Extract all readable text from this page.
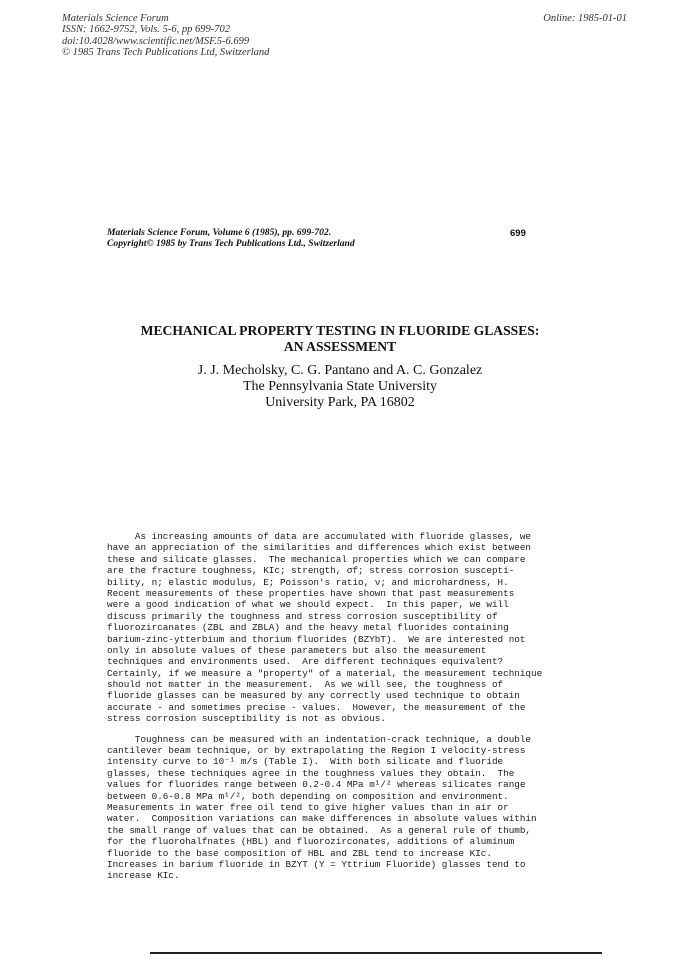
Materials Science Forum
ISSN: 1662-9752, Vols. 5-6, pp 699-702
doi:10.4028/www.scientific.net/MSF.5-6.699
© 1985 Trans Tech Publications Ltd, Switzerland
Online: 1985-01-01
Materials Science Forum, Volume 6 (1985), pp. 699-702.
Copyright© 1985 by Trans Tech Publications Ltd., Switzerland
699
MECHANICAL PROPERTY TESTING IN FLUORIDE GLASSES:
AN ASSESSMENT
J. J. Mecholsky, C. G. Pantano and A. C. Gonzalez
The Pennsylvania State University
University Park, PA 16802
As increasing amounts of data are accumulated with fluoride glasses, we
have an appreciation of the similarities and differences which exist between
these and silicate glasses.  The mechanical properties which we can compare
are the fracture toughness, KIc; strength, σf; stress corrosion suscepti-
bility, n; elastic modulus, E; Poisson's ratio, ν; and microhardness, H.
Recent measurements of these properties have shown that past measurements
were a good indication of what we should expect.  In this paper, we will
discuss primarily the toughness and stress corrosion susceptibility of
fluorozircanates (ZBL and ZBLA) and the heavy metal fluorides containing
barium-zinc-ytterbium and thorium fluorides (BZYbT).  We are interested not
only in absolute values of these parameters but also the measurement
techniques and environments used.  Are different techniques equivalent?
Certainly, if we measure a "property" of a material, the measurement technique
should not matter in the measurement.  As we will see, the toughness of
fluoride glasses can be measured by any correctly used technique to obtain
accurate - and sometimes precise - values.  However, the measurement of the
stress corrosion susceptibility is not as obvious.
Toughness can be measured with an indentation-crack technique, a double
cantilever beam technique, or by extrapolating the Region I velocity-stress
intensity curve to 10⁻¹ m/s (Table I).  With both silicate and fluoride
glasses, these techniques agree in the toughness values they obtain.  The
values for fluorides range between 0.2-0.4 MPa m¹/² whereas silicates range
between 0.6-0.8 MPa m¹/², both depending on composition and environment.
Measurements in water free oil tend to give higher values than in air or
water.  Composition variations can make differences in absolute values within
the small range of values that can be obtained.  As a general rule of thumb,
for the fluorohalfnates (HBL) and fluorozirconates, additions of aluminum
fluoride to the base composition of HBL and ZBL tend to increase KIc.
Increases in barium fluoride in BZYT (Y = Yttrium Fluoride) glasses tend to
increase KIc.
